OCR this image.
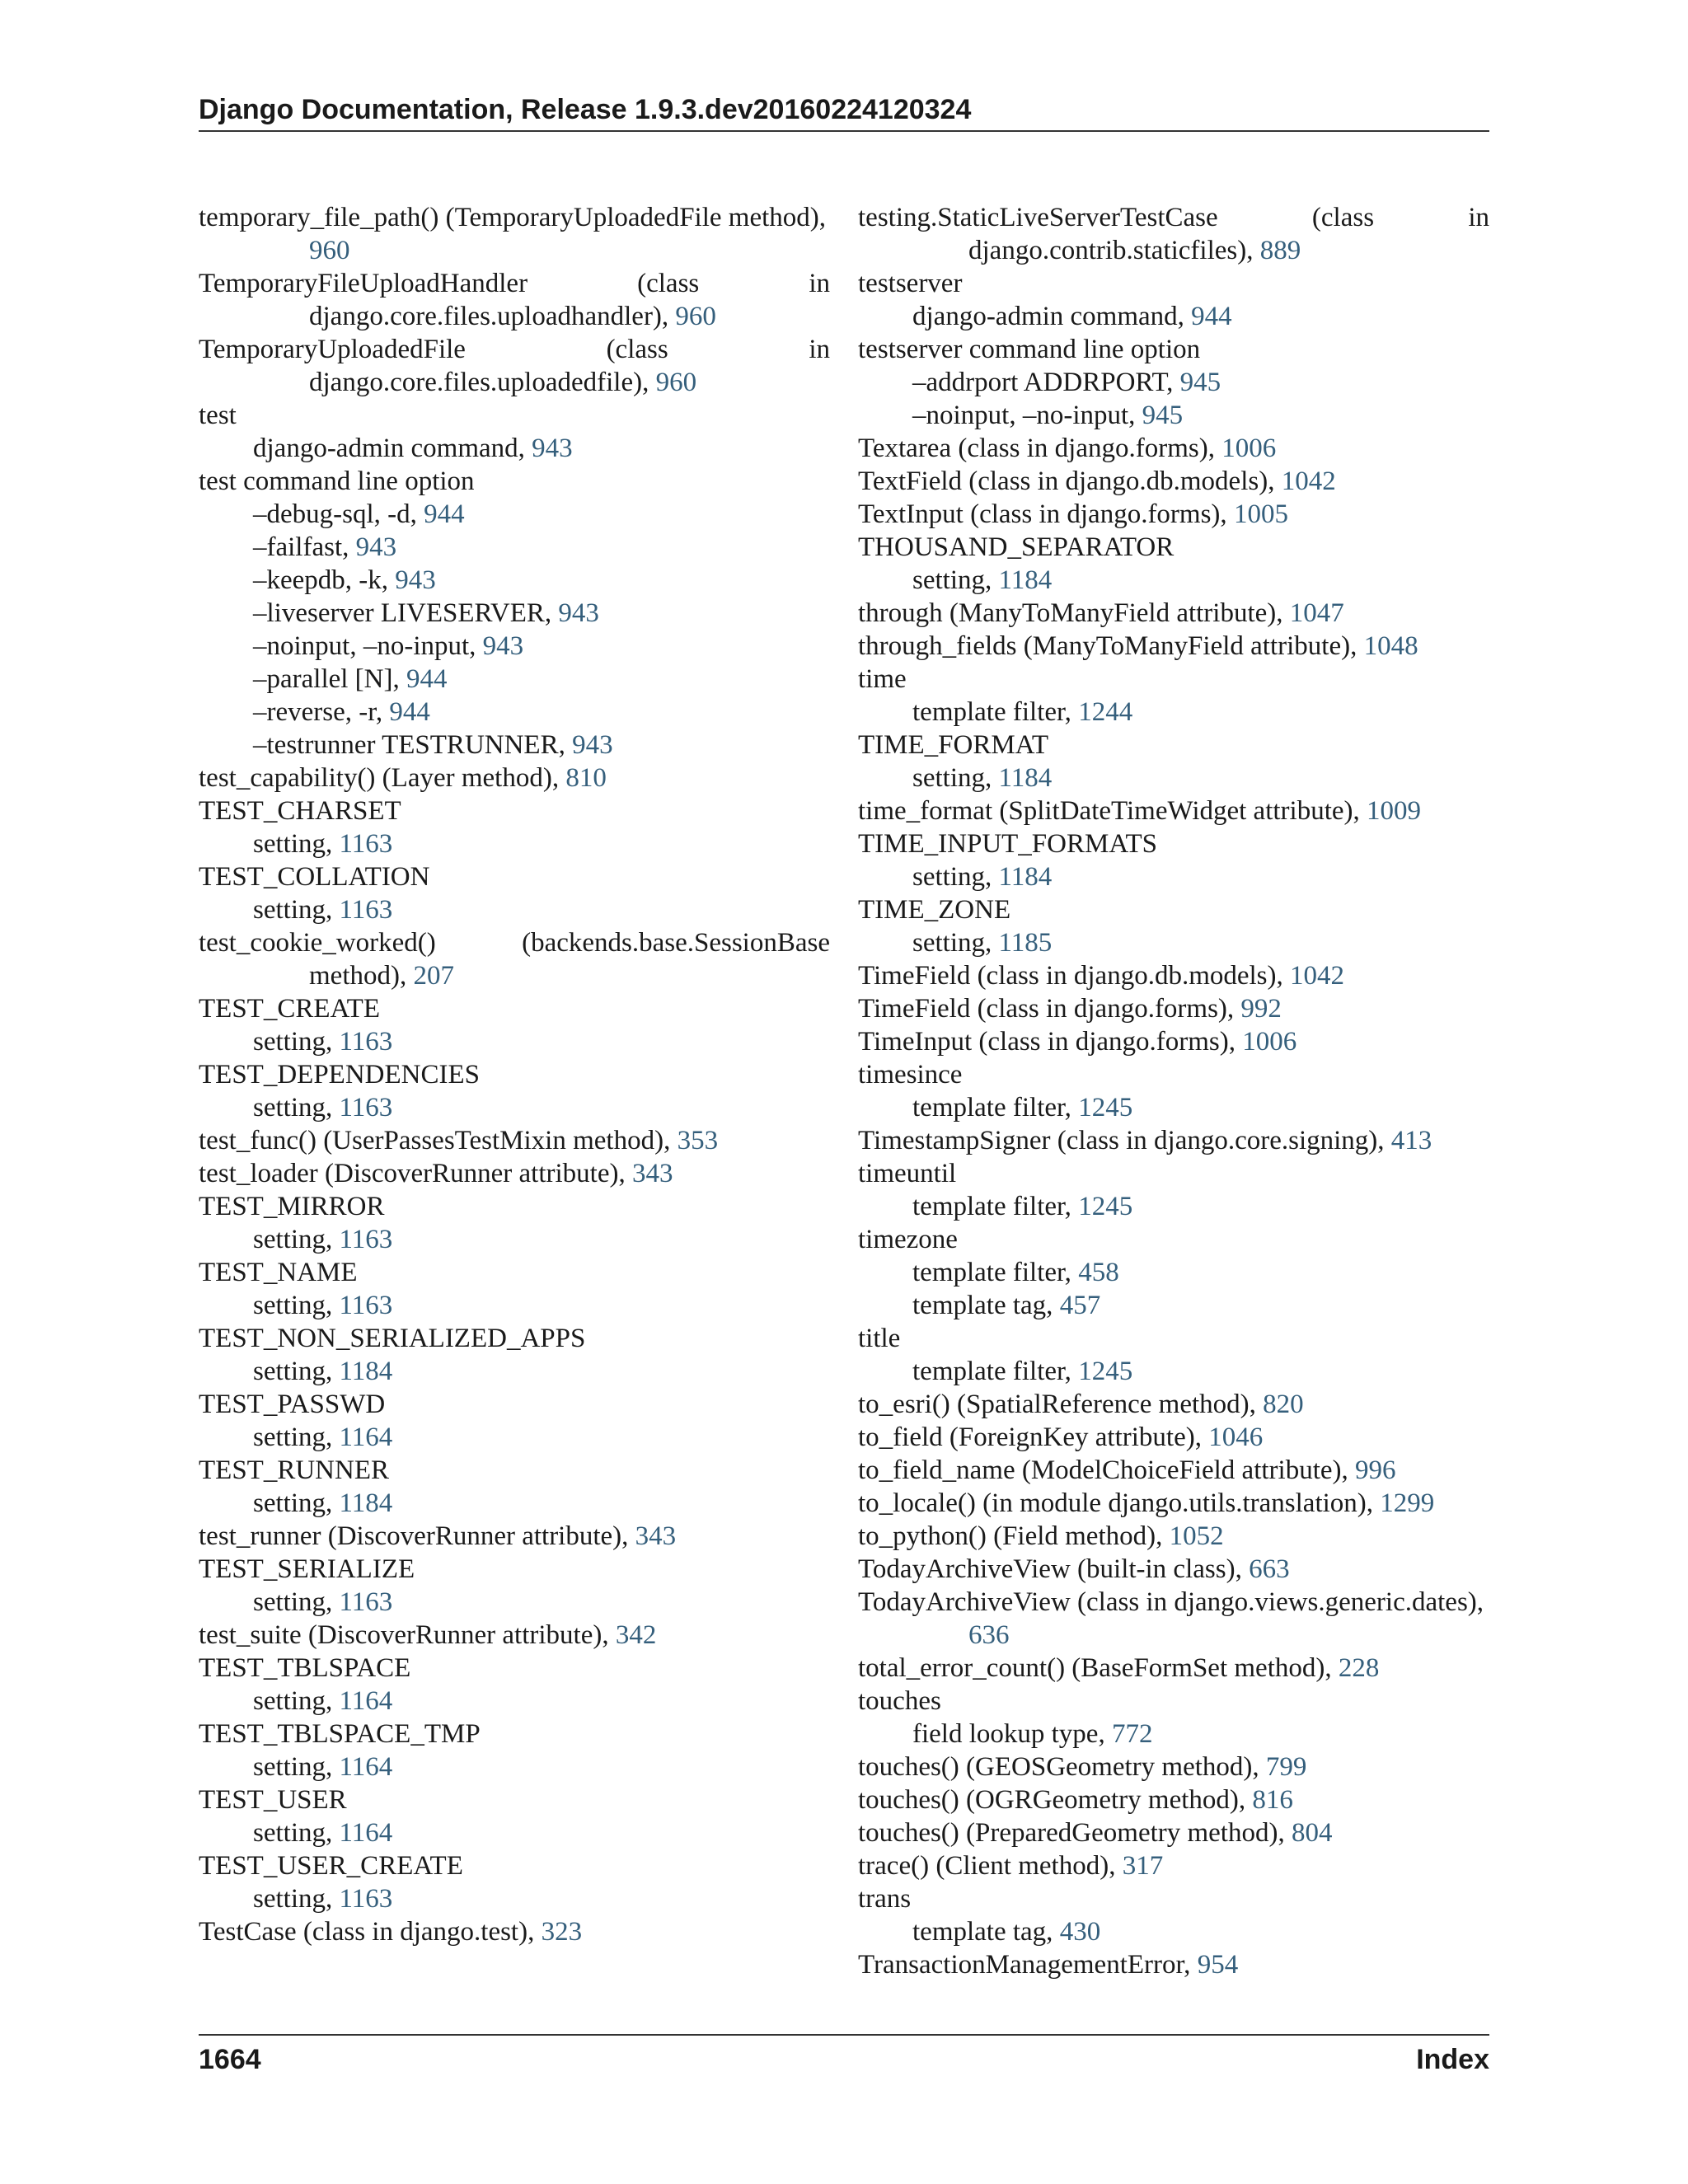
Django Documentation, Release 1.9.3.dev20160224120324
temporary_file_path() (TemporaryUploadedFile method),
960
TemporaryFileUploadHandler	(class	in
django.core.files.uploadhandler), 960
TemporaryUploadedFile	(class	in
django.core.files.uploadedfile), 960
test
django-admin command, 943
test command line option
–debug-sql, -d, 944
–failfast, 943
–keepdb, -k, 943
–liveserver LIVESERVER, 943
–noinput, –no-input, 943
–parallel [N], 944
–reverse, -r, 944
–testrunner TESTRUNNER, 943
test_capability() (Layer method), 810
TEST_CHARSET
setting, 1163
TEST_COLLATION
setting, 1163
test_cookie_worked()	(backends.base.SessionBase
method), 207
TEST_CREATE
setting, 1163
TEST_DEPENDENCIES
setting, 1163
test_func() (UserPassesTestMixin method), 353
test_loader (DiscoverRunner attribute), 343
TEST_MIRROR
setting, 1163
TEST_NAME
setting, 1163
TEST_NON_SERIALIZED_APPS
setting, 1184
TEST_PASSWD
setting, 1164
TEST_RUNNER
setting, 1184
test_runner (DiscoverRunner attribute), 343
TEST_SERIALIZE
setting, 1163
test_suite (DiscoverRunner attribute), 342
TEST_TBLSPACE
setting, 1164
TEST_TBLSPACE_TMP
setting, 1164
TEST_USER
setting, 1164
TEST_USER_CREATE
setting, 1163
TestCase (class in django.test), 323
testing.StaticLiveServerTestCase	(class	in
django.contrib.staticfiles), 889
testserver
django-admin command, 944
testserver command line option
–addrport ADDRPORT, 945
–noinput, –no-input, 945
Textarea (class in django.forms), 1006
TextField (class in django.db.models), 1042
TextInput (class in django.forms), 1005
THOUSAND_SEPARATOR
setting, 1184
through (ManyToManyField attribute), 1047
through_fields (ManyToManyField attribute), 1048
time
template filter, 1244
TIME_FORMAT
setting, 1184
time_format (SplitDateTimeWidget attribute), 1009
TIME_INPUT_FORMATS
setting, 1184
TIME_ZONE
setting, 1185
TimeField (class in django.db.models), 1042
TimeField (class in django.forms), 992
TimeInput (class in django.forms), 1006
timesince
template filter, 1245
TimestampSigner (class in django.core.signing), 413
timeuntil
template filter, 1245
timezone
template filter, 458
template tag, 457
title
template filter, 1245
to_esri() (SpatialReference method), 820
to_field (ForeignKey attribute), 1046
to_field_name (ModelChoiceField attribute), 996
to_locale() (in module django.utils.translation), 1299
to_python() (Field method), 1052
TodayArchiveView (built-in class), 663
TodayArchiveView (class in django.views.generic.dates),
636
total_error_count() (BaseFormSet method), 228
touches
field lookup type, 772
touches() (GEOSGeometry method), 799
touches() (OGRGeometry method), 816
touches() (PreparedGeometry method), 804
trace() (Client method), 317
trans
template tag, 430
TransactionManagementError, 954
1664	Index
